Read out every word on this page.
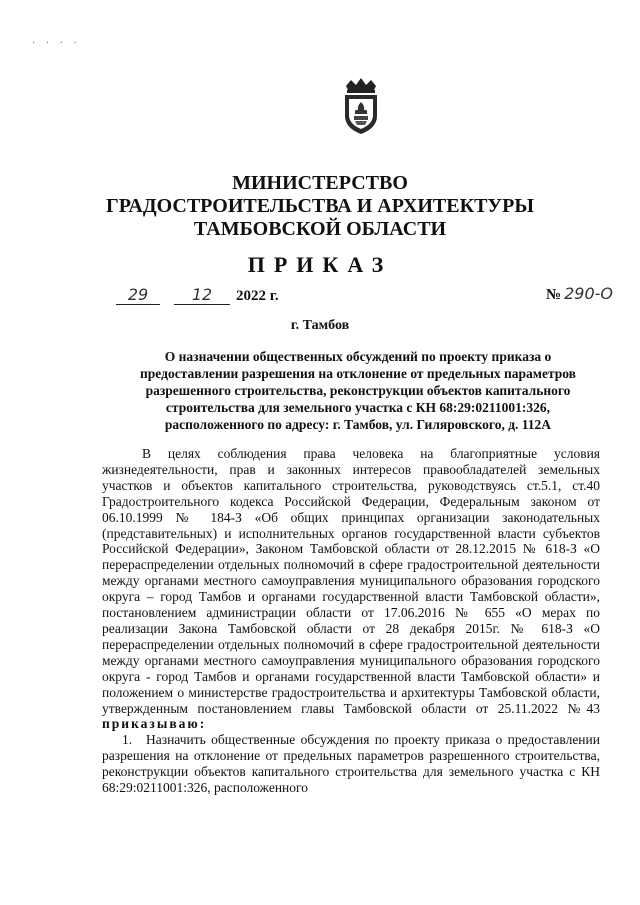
· · · ·
МИНИСТЕРСТВО
ГРАДОСТРОИТЕЛЬСТВА И АРХИТЕКТУРЫ
ТАМБОВСКОЙ ОБЛАСТИ
ПРИКАЗ
29	12 2022 г.	№ 290-О
г. Тамбов
О назначении общественных обсуждений по проекту приказа о
предоставлении разрешения на отклонение от предельных параметров
разрешенного строительства, реконструкции объектов капитального
строительства для земельного участка с КН 68:29:0211001:326,
расположенного по адресу: г. Тамбов, ул. Гиляровского, д. 112А

В целях соблюдения права человека на благоприятные условия жизнедеятельности, прав и законных интересов правообладателей земельных участков и объектов капитального строительства, руководствуясь ст.5.1, ст.40 Градостроительного кодекса Российской Федерации, Федеральным законом от 06.10.1999 № 184-З «Об общих принципах организации законодательных (представительных) и исполнительных органов государственной власти субъектов Российской Федерации», Законом Тамбовской области от 28.12.2015 № 618-З «О перераспределении отдельных полномочий в сфере градостроительной деятельности между органами местного самоуправления муниципального образования городского округа – город Тамбов и органами государственной власти Тамбовской области», постановлением администрации области от 17.06.2016 № 655 «О мерах по реализации Закона Тамбовской области от 28 декабря 2015г. № 618-З «О перераспределении отдельных полномочий в сфере градостроительной деятельности между органами местного самоуправления муниципального образования городского округа - город Тамбов и органами государственной власти Тамбовской области» и положением о министерстве градостроительства и архитектуры Тамбовской области, утвержденным постановлением главы Тамбовской области от 25.11.2022 №43 приказываю:

1. Назначить общественные обсуждения по проекту приказа о предоставлении разрешения на отклонение от предельных параметров разрешенного строительства, реконструкции объектов капитального строительства для земельного участка с КН 68:29:0211001:326, расположенного
